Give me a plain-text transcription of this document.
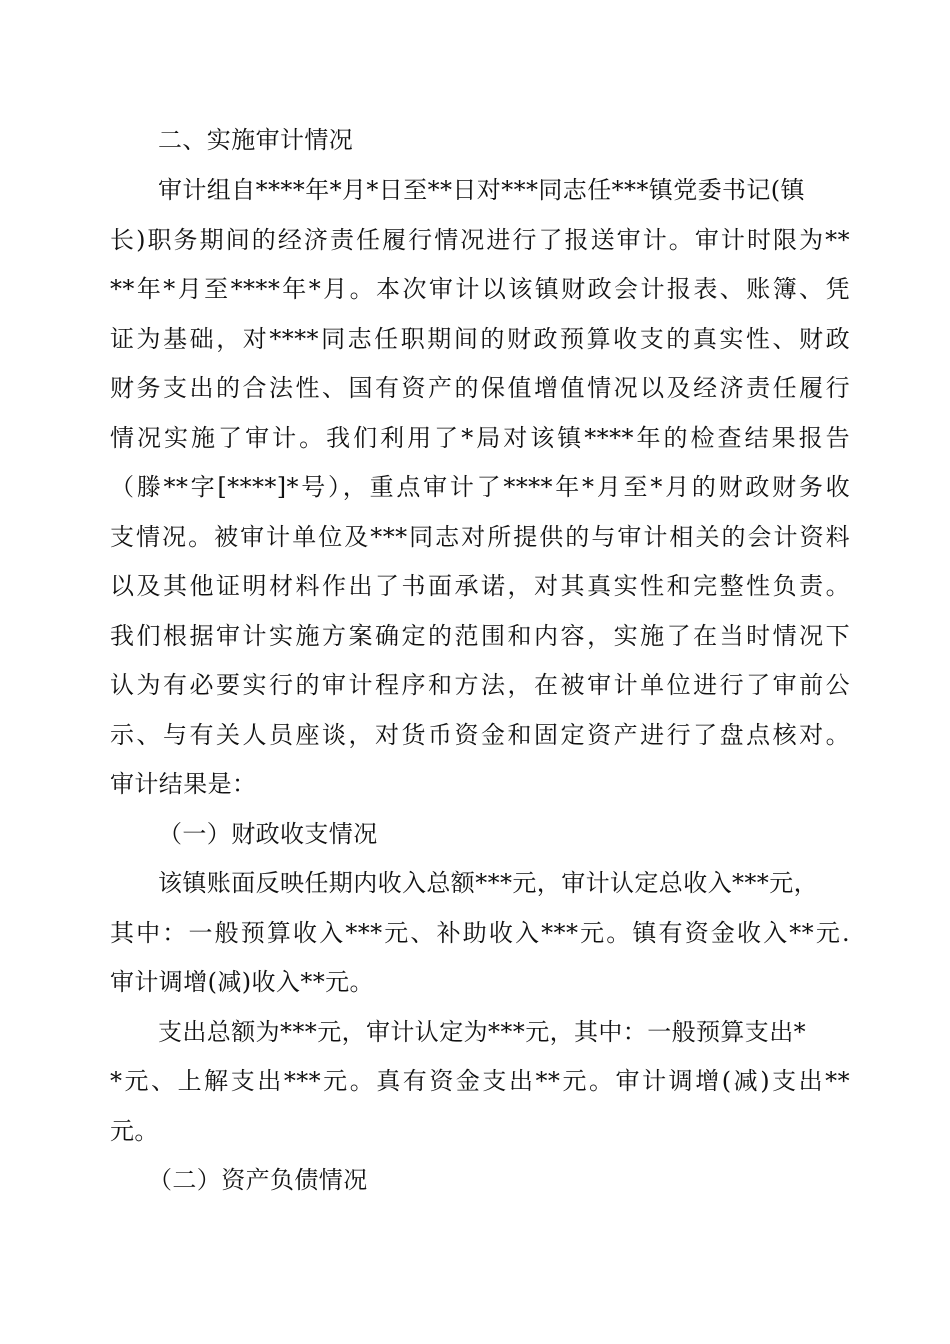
二、实施审计情况
审计组自****年*月*日至**日对***同志任***镇党委书记(镇
长)职务期间的经济责任履行情况进行了报送审计。审计时限为**
**年*月至****年*月。本次审计以该镇财政会计报表、账簿、凭
证为基础，对****同志任职期间的财政预算收支的真实性、财政
财务支出的合法性、国有资产的保值增值情况以及经济责任履行
情况实施了审计。我们利用了*局对该镇****年的检查结果报告
（滕**字[****]*号），重点审计了****年*月至*月的财政财务收
支情况。被审计单位及***同志对所提供的与审计相关的会计资料
以及其他证明材料作出了书面承诺，对其真实性和完整性负责。
我们根据审计实施方案确定的范围和内容，实施了在当时情况下
认为有必要实行的审计程序和方法，在被审计单位进行了审前公
示、与有关人员座谈，对货币资金和固定资产进行了盘点核对。
审计结果是：
（一）财政收支情况
该镇账面反映任期内收入总额***元，审计认定总收入***元，
其中：一般预算收入***元、补助收入***元。镇有资金收入**元.
审计调增(减)收入**元。
支出总额为***元，审计认定为***元，其中：一般预算支出*
*元、上解支出***元。真有资金支出**元。审计调增(减)支出**
元。
（二）资产负债情况
